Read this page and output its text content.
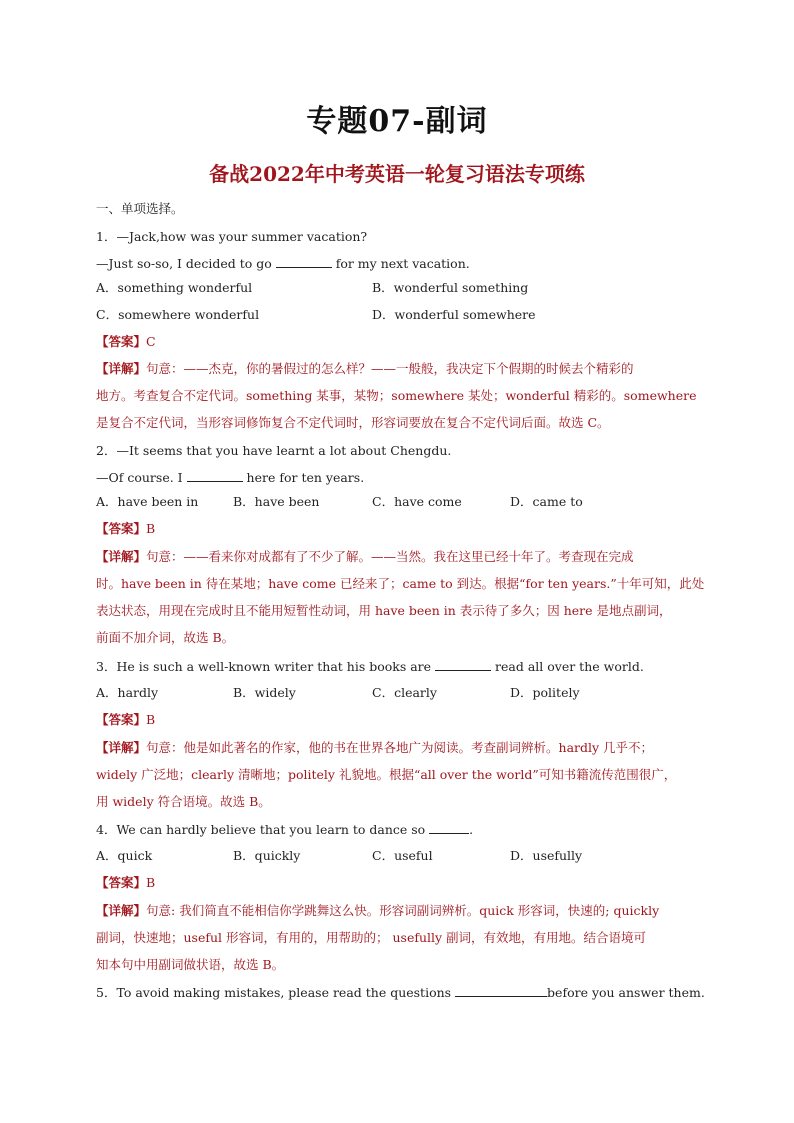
专题07-副词
备战2022年中考英语一轮复习语法专项练
一、单项选择。
1．—Jack,how was your summer vacation?
—Just so-so, I decided to go	for my next vacation.
A．something wonderful	B．wonderful something
C．somewhere wonderful	D．wonderful somewhere
【答案】C
【详解】句意：——杰克，你的暑假过的怎么样？——一般般，我决定下个假期的时候去个精彩的
地方。考查复合不定代词。something 某事，某物；somewhere 某处；wonderful 精彩的。somewhere
是复合不定代词，当形容词修饰复合不定代词时，形容词要放在复合不定代词后面。故选 C。
2．—It seems that you have learnt a lot about Chengdu.
—Of course. I	here for ten years.
A．have been in	B．have been	C．have come	D．came to
【答案】B
【详解】句意：——看来你对成都有了不少了解。——当然。我在这里已经十年了。考查现在完成
时。have been in 待在某地；have come 已经来了；came to 到达。根据“for ten years.”十年可知，此处
表达状态，用现在完成时且不能用短暂性动词，用 have been in 表示待了多久；因 here 是地点副词，
前面不加介词，故选 B。
3．He is such a well-known writer that his books are	read all over the world.
A．hardly	B．widely	C．clearly	D．politely
【答案】B
【详解】句意：他是如此著名的作家，他的书在世界各地广为阅读。考查副词辨析。hardly 几乎不；
widely 广泛地；clearly 清晰地；politely 礼貌地。根据“all over the world”可知书籍流传范围很广，
用 widely 符合语境。故选 B。
4．We can hardly believe that you learn to dance so	.
A．quick	B．quickly	C．useful	D．usefully
【答案】B
【详解】句意: 我们简直不能相信你学跳舞这么快。形容词副词辨析。quick 形容词，快速的; quickly
副词，快速地；useful 形容词，有用的，用帮助的； usefully 副词，有效地，有用地。结合语境可
知本句中用副词做状语，故选 B。
5．To avoid making mistakes, please read the questions	before you answer them.
